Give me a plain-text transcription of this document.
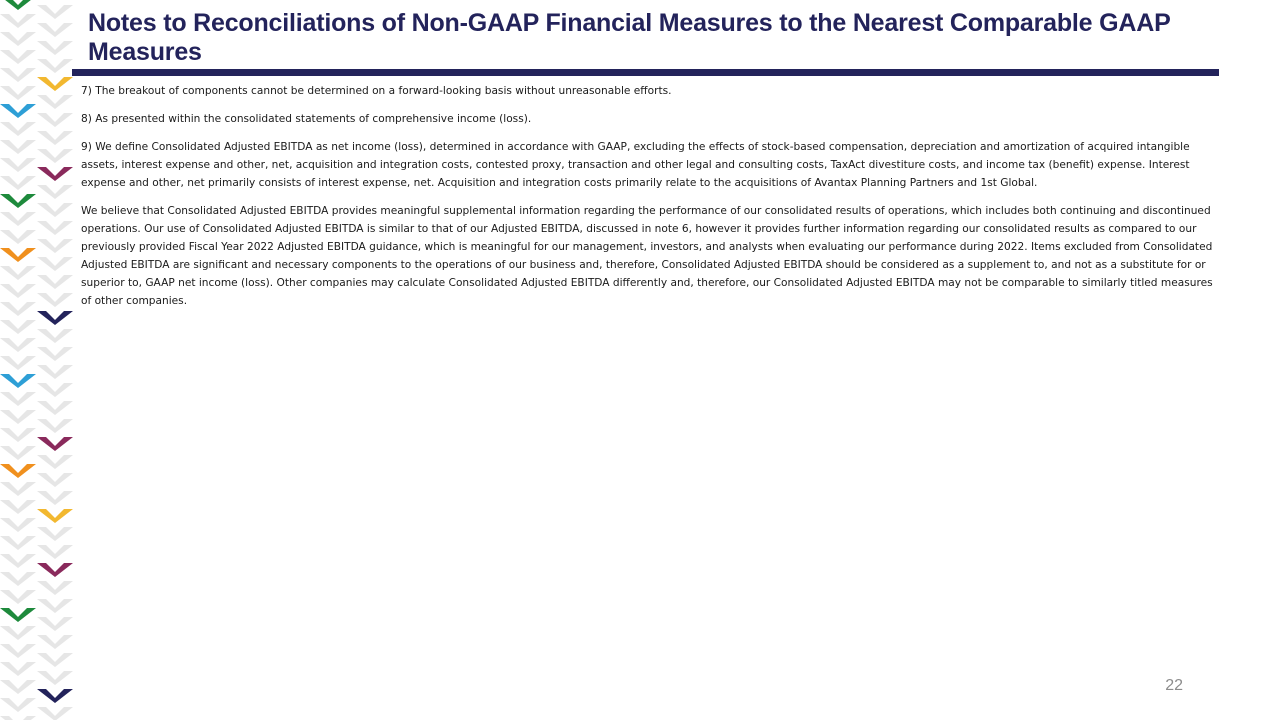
Notes to Reconciliations of Non-GAAP Financial Measures to the Nearest Comparable GAAP Measures

7) The breakout of components cannot be determined on a forward-looking basis without unreasonable efforts.

8) As presented within the consolidated statements of comprehensive income (loss).

9) We define Consolidated Adjusted EBITDA as net income (loss), determined in accordance with GAAP, excluding the effects of stock-based compensation, depreciation and amortization of acquired intangible assets, interest expense and other, net, acquisition and integration costs, contested proxy, transaction and other legal and consulting costs, TaxAct divestiture costs, and income tax (benefit) expense. Interest expense and other, net primarily consists of interest expense, net. Acquisition and integration costs primarily relate to the acquisitions of Avantax Planning Partners and 1st Global.

We believe that Consolidated Adjusted EBITDA provides meaningful supplemental information regarding the performance of our consolidated results of operations, which includes both continuing and discontinued operations. Our use of Consolidated Adjusted EBITDA is similar to that of our Adjusted EBITDA, discussed in note 6, however it provides further information regarding our consolidated results as compared to our previously provided Fiscal Year 2022 Adjusted EBITDA guidance, which is meaningful for our management, investors, and analysts when evaluating our performance during 2022. Items excluded from Consolidated Adjusted EBITDA are significant and necessary components to the operations of our business and, therefore, Consolidated Adjusted EBITDA should be considered as a supplement to, and not as a substitute for or superior to, GAAP net income (loss). Other companies may calculate Consolidated Adjusted EBITDA differently and, therefore, our Consolidated Adjusted EBITDA may not be comparable to similarly titled measures of other companies.

22
